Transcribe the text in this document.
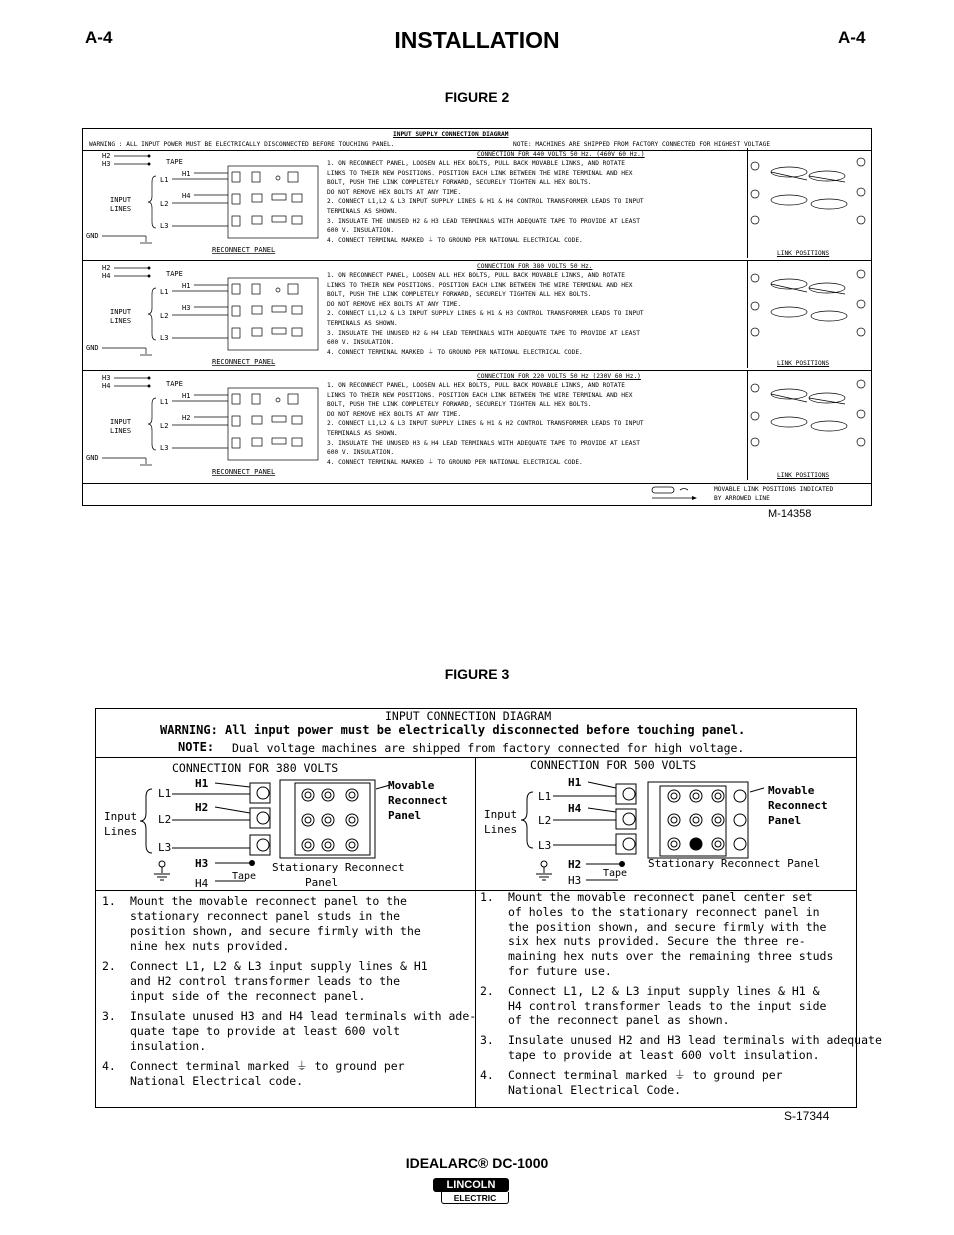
A-4	INSTALLATION	A-4
FIGURE 2
INPUT SUPPLY CONNECTION DIAGRAM
WARNING : ALL INPUT POWER MUST BE ELECTRICALLY DISCONNECTED BEFORE TOUCHING PANEL.	NOTE: MACHINES ARE SHIPPED FROM FACTORY CONNECTED FOR HIGHEST VOLTAGE
CONNECTION FOR 440 VOLTS 50 Hz. (460V 60 Hz.)
1. ON RECONNECT PANEL, LOOSEN ALL HEX BOLTS, PULL BACK MOVABLE LINKS, AND ROTATE
LINKS TO THEIR NEW POSITIONS. POSITION EACH LINK BETWEEN THE WIRE TERMINAL AND HEX
BOLT, PUSH THE LINK COMPLETELY FORWARD, SECURELY TIGHTEN ALL HEX BOLTS.
DO NOT REMOVE HEX BOLTS AT ANY TIME.
2. CONNECT L1,L2 & L3 INPUT SUPPLY LINES & H1 & H4 CONTROL TRANSFORMER LEADS TO INPUT
TERMINALS AS SHOWN.
3. INSULATE THE UNUSED H2 & H3 LEAD TERMINALS WITH ADEQUATE TAPE TO PROVIDE AT LEAST
600 V. INSULATION.
4. CONNECT TERMINAL MARKED ⏚ TO GROUND PER NATIONAL ELECTRICAL CODE.
LINK POSITIONS
H2
H3	TAPE
H1
H4
L1
L2
L3
INPUT
LINES
GND
RECONNECT PANEL
CONNECTION FOR 380 VOLTS 50 Hz.
1. ON RECONNECT PANEL, LOOSEN ALL HEX BOLTS, PULL BACK MOVABLE LINKS, AND ROTATE
LINKS TO THEIR NEW POSITIONS. POSITION EACH LINK BETWEEN THE WIRE TERMINAL AND HEX
BOLT, PUSH THE LINK COMPLETELY FORWARD, SECURELY TIGHTEN ALL HEX BOLTS.
DO NOT REMOVE HEX BOLTS AT ANY TIME.
2. CONNECT L1,L2 & L3 INPUT SUPPLY LINES & H1 & H3 CONTROL TRANSFORMER LEADS TO INPUT
TERMINALS AS SHOWN.
3. INSULATE THE UNUSED H2 & H4 LEAD TERMINALS WITH ADEQUATE TAPE TO PROVIDE AT LEAST
600 V. INSULATION.
4. CONNECT TERMINAL MARKED ⏚ TO GROUND PER NATIONAL ELECTRICAL CODE.
LINK POSITIONS
H2
H4	TAPE
H1
H3
L1
L2
L3
INPUT
LINES
GND
RECONNECT PANEL
CONNECTION FOR 220 VOLTS 50 Hz (230V 60 Hz.)
1. ON RECONNECT PANEL, LOOSEN ALL HEX BOLTS, PULL BACK MOVABLE LINKS, AND ROTATE
LINKS TO THEIR NEW POSITIONS. POSITION EACH LINK BETWEEN THE WIRE TERMINAL AND HEX
BOLT, PUSH THE LINK COMPLETELY FORWARD, SECURELY TIGHTEN ALL HEX BOLTS.
DO NOT REMOVE HEX BOLTS AT ANY TIME.
2. CONNECT L1,L2 & L3 INPUT SUPPLY LINES & H1 & H2 CONTROL TRANSFORMER LEADS TO INPUT
TERMINALS AS SHOWN.
3. INSULATE THE UNUSED H3 & H4 LEAD TERMINALS WITH ADEQUATE TAPE TO PROVIDE AT LEAST
600 V. INSULATION.
4. CONNECT TERMINAL MARKED ⏚ TO GROUND PER NATIONAL ELECTRICAL CODE.
LINK POSITIONS
H3
H4	TAPE
H1
H2
L1
L2
L3
INPUT
LINES
GND
RECONNECT PANEL
MOVABLE LINK POSITIONS INDICATED
BY ARROWED LINE
M-14358
FIGURE 3
INPUT CONNECTION DIAGRAM
WARNING: All input power must be electrically disconnected before touching panel.
NOTE: Dual voltage machines are shipped from factory connected for high voltage.
CONNECTION FOR 380 VOLTS
H1
H2
L1
L2
L3
Input
Lines
Movable
Reconnect
Panel
H3
H4
Tape
Stationary Reconnect
Panel
CONNECTION FOR 500 VOLTS
H1
H4
L1
L2
L3
Input
Lines
Movable
Reconnect
Panel
H2
H3
Tape
Stationary Reconnect Panel
1. Mount the movable reconnect panel to the
stationary reconnect panel studs in the
position shown, and secure firmly with the
nine hex nuts provided.
2. Connect L1, L2 & L3 input supply lines & H1
and H2 control transformer leads to the
input side of the reconnect panel.
3. Insulate unused H3 and H4 lead terminals with ade-
quate tape to provide at least 600 volt
insulation.
4. Connect terminal marked ⏚ to ground per
National Electrical code.
1. Mount the movable reconnect panel center set
of holes to the stationary reconnect panel in
the position shown, and secure firmly with the
six hex nuts provided. Secure the three re-
maining hex nuts over the remaining three studs
for future use.
2. Connect L1, L2 & L3 input supply lines & H1 &
H4 control transformer leads to the input side
of the reconnect panel as shown.
3. Insulate unused H2 and H3 lead terminals with adequate
tape to provide at least 600 volt insulation.
4. Connect terminal marked ⏚ to ground per
National Electrical Code.
S-17344
IDEALARC® DC-1000
LINCOLN
ELECTRIC
